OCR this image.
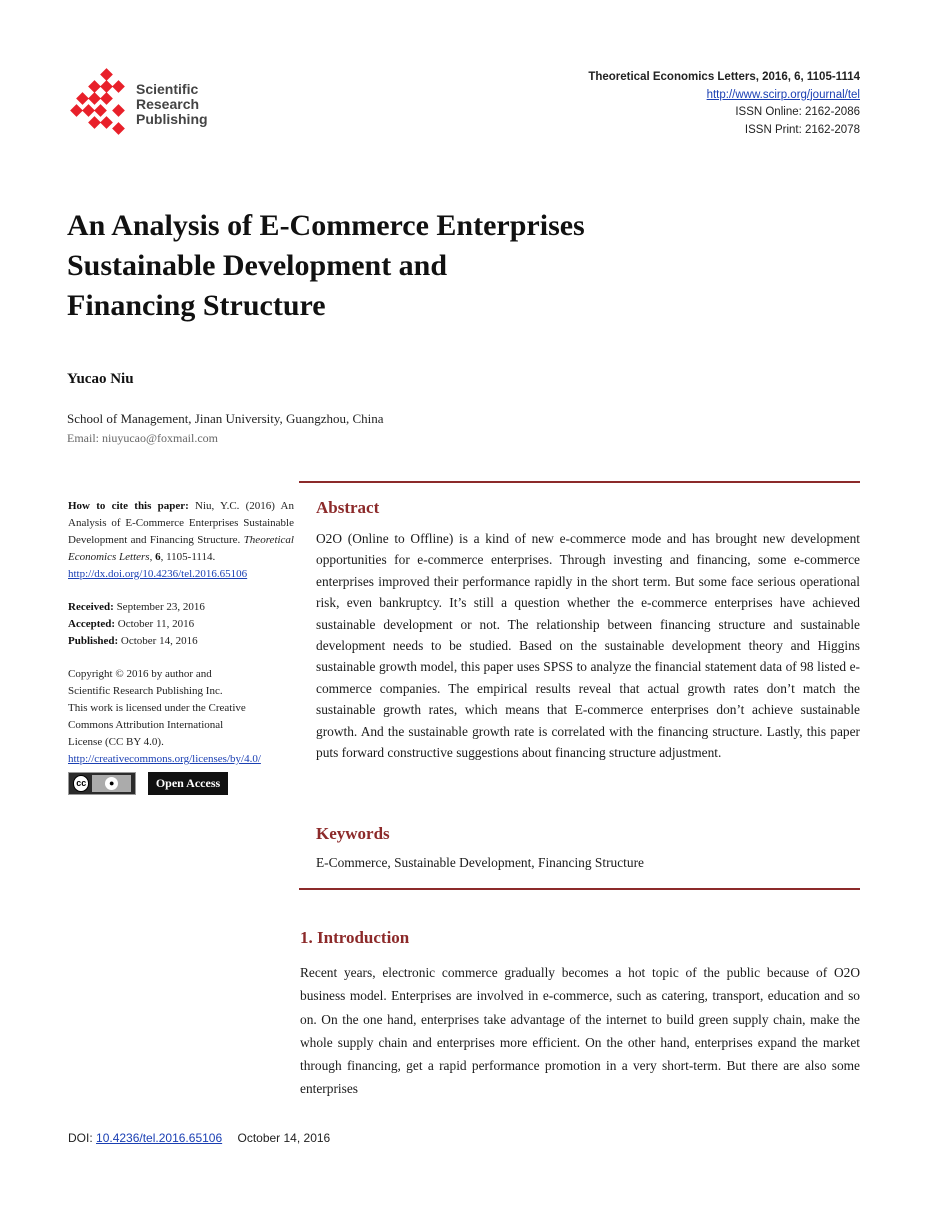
Scientific
Research
Publishing
Theoretical Economics Letters, 2016, 6, 1105-1114
http://www.scirp.org/journal/tel
ISSN Online: 2162-2086
ISSN Print: 2162-2078
An Analysis of E-Commerce Enterprises
Sustainable Development and
Financing Structure
Yucao Niu
School of Management, Jinan University, Guangzhou, China
Email: niuyucao@foxmail.com
How to cite this paper: Niu, Y.C. (2016) An Analysis of E-Commerce Enterprises Sustainable Development and Financing Structure. Theoretical Economics Letters, 6, 1105-1114.
http://dx.doi.org/10.4236/tel.2016.65106
Received: September 23, 2016
Accepted: October 11, 2016
Published: October 14, 2016
Copyright © 2016 by author and
Scientific Research Publishing Inc.
This work is licensed under the Creative
Commons Attribution International
License (CC BY 4.0).
http://creativecommons.org/licenses/by/4.0/
cc	●	Open Access
Abstract
O2O (Online to Offline) is a kind of new e-commerce mode and has brought new development opportunities for e-commerce enterprises. Through investing and financing, some e-commerce enterprises improved their performance rapidly in the short term. But some face serious operational risk, even bankruptcy. It’s still a question whether the e-commerce enterprises have achieved sustainable development or not. The relationship between financing structure and sustainable development needs to be studied. Based on the sustainable development theory and Higgins sustainable growth model, this paper uses SPSS to analyze the financial statement data of 98 listed e-commerce companies. The empirical results reveal that actual growth rates don’t match the sustainable growth rates, which means that E-commerce enterprises don’t achieve sustainable growth. And the sustainable growth rate is correlated with the financing structure. Lastly, this paper puts forward constructive suggestions about financing structure adjustment.
Keywords
E-Commerce, Sustainable Development, Financing Structure
1. Introduction
Recent years, electronic commerce gradually becomes a hot topic of the public because of O2O business model. Enterprises are involved in e-commerce, such as catering, transport, education and so on. On the one hand, enterprises take advantage of the internet to build green supply chain, make the whole supply chain and enterprises more efficient. On the other hand, enterprises expand the market through financing, get a rapid performance promotion in a very short-term. But there are also some enterprises
DOI: 10.4236/tel.2016.65106 October 14, 2016
